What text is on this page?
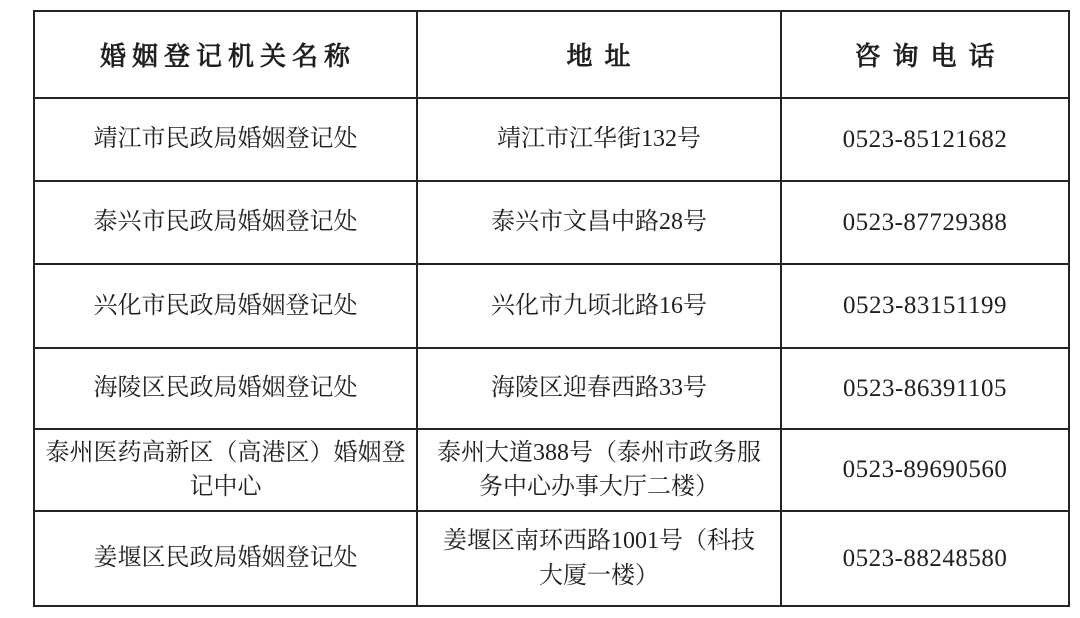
婚姻登记机关名称	地址	咨询电话
靖江市民政局婚姻登记处	靖江市江华街132号	0523-85121682
泰兴市民政局婚姻登记处	泰兴市文昌中路28号	0523-87729388
兴化市民政局婚姻登记处	兴化市九顷北路16号	0523-83151199
海陵区民政局婚姻登记处	海陵区迎春西路33号	0523-86391105
泰州医药高新区（高港区）婚姻登记中心	泰州大道388号（泰州市政务服务中心办事大厅二楼）	0523-89690560
姜堰区民政局婚姻登记处	姜堰区南环西路1001号（科技大厦一楼）	0523-88248580
